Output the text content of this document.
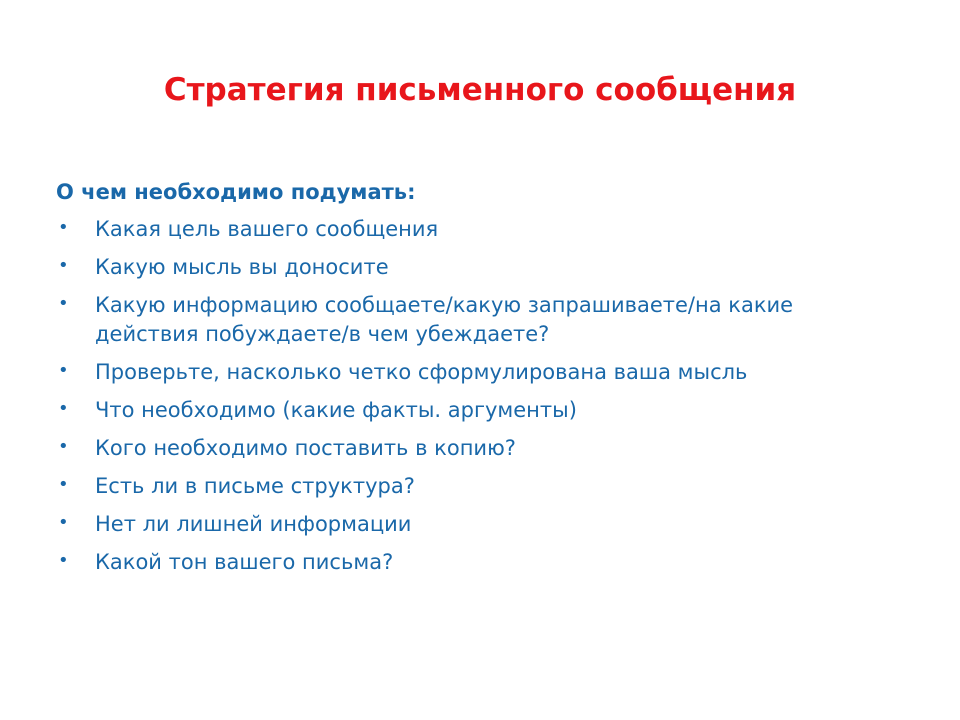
Стратегия письменного сообщения
О чем необходимо подумать:
• Какая цель вашего сообщения
• Какую мысль вы доносите
• Какую информацию сообщаете/какую запрашиваете/на какие действия побуждаете/в чем убеждаете?
• Проверьте, насколько четко сформулирована ваша мысль
• Что необходимо (какие факты. аргументы)
• Кого необходимо поставить в копию?
• Есть ли в письме структура?
• Нет ли лишней информации
• Какой тон вашего письма?
